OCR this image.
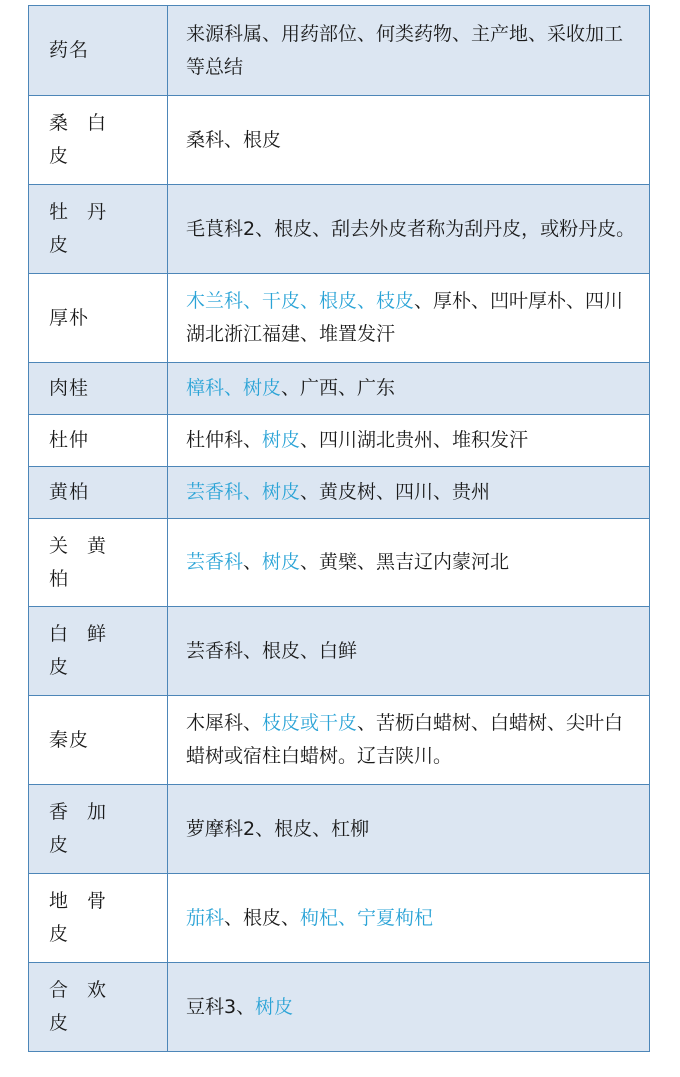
药名	来源科属、用药部位、何类药物、主产地、采收加工等总结

桑白皮	桑科、根皮

牡丹皮	毛茛科2、根皮、刮去外皮者称为刮丹皮，或粉丹皮。
厚朴	木兰科、干皮、根皮、枝皮、厚朴、凹叶厚朴、四川湖北浙江福建、堆置发汗
肉桂	樟科、树皮、广西、广东
杜仲	杜仲科、树皮、四川湖北贵州、堆积发汗
黄柏	芸香科、树皮、黄皮树、四川、贵州

关黄柏	芸香科、树皮、黄檗、黑吉辽内蒙河北

白鲜皮	芸香科、根皮、白鲜
秦皮	木犀科、枝皮或干皮、苦枥白蜡树、白蜡树、尖叶白蜡树或宿柱白蜡树。辽吉陕川。

香加皮	萝摩科2、根皮、杠柳

地骨皮	茄科、根皮、枸杞、宁夏枸杞

合欢皮	豆科3、树皮
